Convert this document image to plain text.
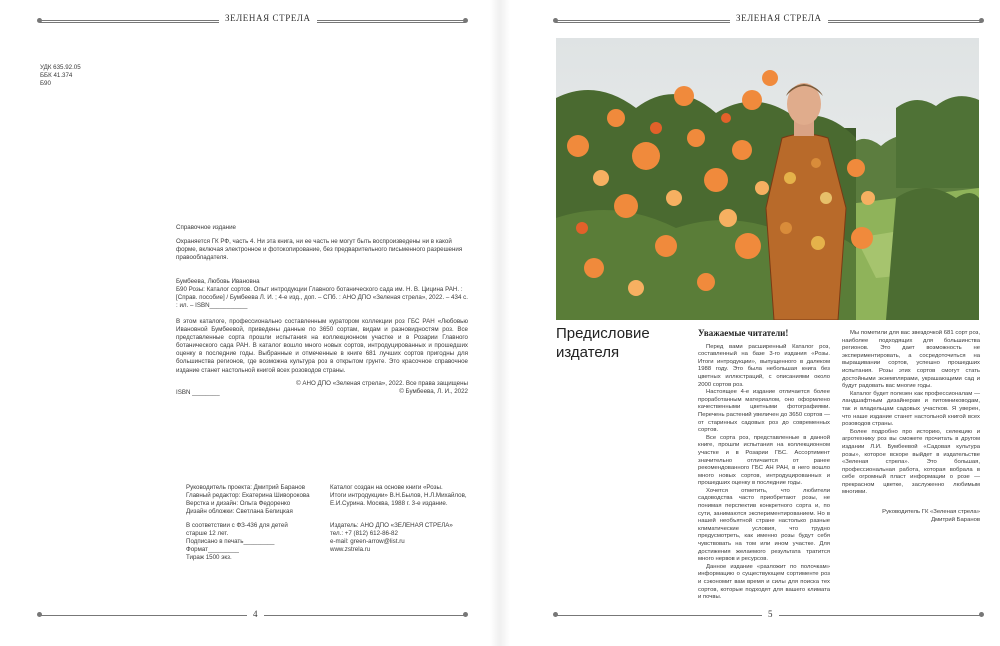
ЗЕЛЕНАЯ СТРЕЛА

УДК 635.92.05

ББК 41.374

Б90

Справочное издание
Охраняется ГК РФ, часть 4. Ни эта книга, ни ее часть не могут быть воспроизведены ни в какой форме, включая электронное и фотокопирование, без предварительного письменного разрешения правообладателя.
Бумбеева, Любовь Ивановна
Б90 Розы: Каталог сортов. Опыт интродукции Главного ботанического сада им. Н. В. Цицина РАН. : [Справ. пособие] / Бумбеева Л. И. ; 4-е изд., доп. – СПб. : АНО ДПО «Зеленая стрела», 2022. – 434 с. : ил. – ISBN___________
В этом каталоге, профессионально составленным куратором коллекции роз ГБС РАН «Любовью Ивановной Бумбеевой, приведены данные по 3650 сортам, видам и разновидностям роз. Все представленные сорта прошли испытания на коллекционном участке и в Розарии Главного ботанического сада РАН. В каталог вошло много новых сортов, интродуцированных и прошедших оценку в последние годы. Выбранные и отмеченные в книге 681 лучших сортов пригодны для большинства регионов, где возможна культура роз в открытом грунте. Это красочное справочное издание станет настольной книгой всех розоводов страны.

© АНО ДПО «Зеленая стрела», 2022. Все права защищены

© Бумбеева, Л. И., 2022

ISBN ________

Руководитель проекта: Дмитрий Баранов

Главный редактор: Екатерина Шиворокова

Верстка и дизайн: Ольга Федоренко

Дизайн обложки: Светлана Белицкая

Каталог создан на основе книги «Розы.

Итоги интродукции» В.Н.Былов, Н.Л.Михайлов,

Е.И.Сурина. Москва, 1988 г. 3-е издание.

В соответствии с ФЗ-436 для детей

старше 12 лет.

Подписано в печать_________

Формат_________

Тираж 1500 экз.

Издатель: АНО ДПО «ЗЕЛЕНАЯ СТРЕЛА»

тел.: +7 (812) 612-86-82

e-mail: green-arrow@list.ru

www.zstrela.ru

4
ЗЕЛЕНАЯ СТРЕЛА
Предисловие издателя
Уважаемые читатели!

Перед вами расширенный Каталог роз, составленный на базе 3-го издания «Розы. Итоги интродукции», выпущенного в далеком 1988 году. Это была небольшая книга без цветных иллюстраций, с описаниями около 2000 сортов роз.

Настоящее 4-е издание отличается более проработанным материалом, оно оформлено качественными цветными фотографиями. Перечень растений увеличен до 3650 сортов — от старинных садовых роз до современных сортов.

Все сорта роз, представленные в данной книге, прошли испытания на коллекционном участке и в Розарии ГБС. Ассортимент значительно отличается от ранее рекомендованного ГБС АН РАН, в него вошло много новых сортов, интродуцированных и прошедших оценку в последние годы.

Хочется отметить, что любители садоводства часто приобретают розы, не понимая перспектив конкретного сорта и, по сути, занимаются экспериментированием. Но в нашей необъятной стране настолько разные климатические условия, что трудно предусмотреть, как именно розы будут себя чувствовать на том или ином участке. Для достижения желаемого результата тратится много нервов и ресурсов.

Данное издание «разложит по полочкам» информацию о существующем сортименте роз и сэкономит вам время и силы для поиска тех сортов, которые подходят для вашего климата и почвы.

Мы пометили для вас звездочкой 681 сорт роз, наиболее подходящих для большинства регионов. Это дает возможность не экспериментировать, а сосредоточиться на выращивании сортов, успешно прошедших испытания. Розы этих сортов смогут стать достойными экземплярами, украшающими сад и будут радовать вас многие годы.

Каталог будет полезен как профессионалам — ландшафтным дизайнерам и питомниководам, так и владельцам садовых участков. Я уверен, что наше издание станет настольной книгой всех розоводов страны.

Более подробно про историю, селекцию и агротехнику роз вы сможете прочитать в другом издании Л.И. Бумбеевой «Садовая культура розы», которое вскоре выйдет в издательстве «Зеленая стрела». Это большая, профессиональная работа, которая вобрала в себе огромный пласт информации о розе — прекрасном цветке, заслуженно любимым многими.

Руководитель ГК «Зеленая стрела»

Дмитрий Баранов

5
